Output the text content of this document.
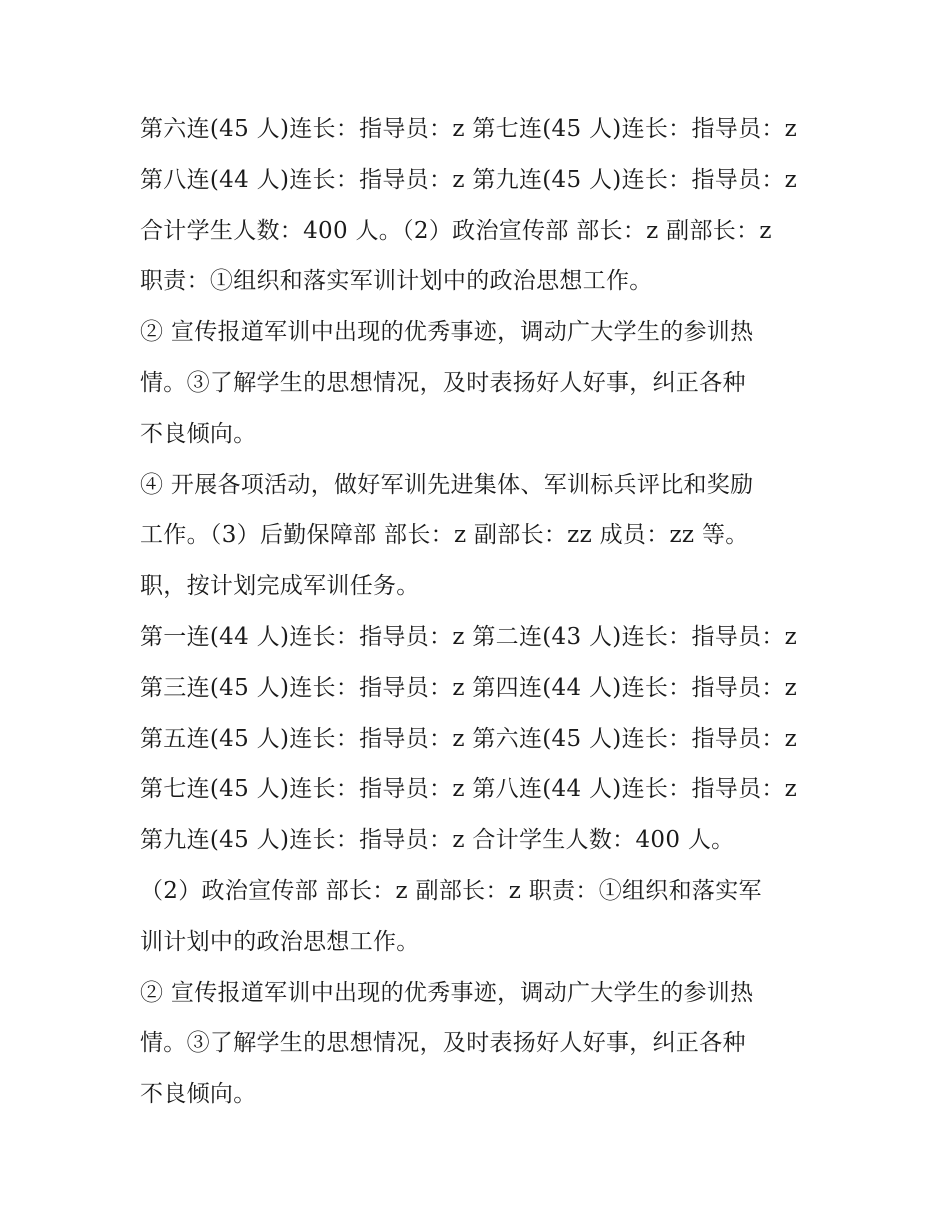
第六连(45 人)连长：指导员：z 第七连(45 人)连长：指导员：z
第八连(44 人)连长：指导员：z 第九连(45 人)连长：指导员：z
合计学生人数：400 人。（2）政治宣传部 部长：z 副部长：z
职责：①组织和落实军训计划中的政治思想工作。
② 宣传报道军训中出现的优秀事迹，调动广大学生的参训热
情。③了解学生的思想情况，及时表扬好人好事，纠正各种
不良倾向。
④ 开展各项活动，做好军训先进集体、军训标兵评比和奖励
工作。（3）后勤保障部 部长：z 副部长：zz 成员：zz 等。
职，按计划完成军训任务。
第一连(44 人)连长：指导员：z 第二连(43 人)连长：指导员：z
第三连(45 人)连长：指导员：z 第四连(44 人)连长：指导员：z
第五连(45 人)连长：指导员：z 第六连(45 人)连长：指导员：z
第七连(45 人)连长：指导员：z 第八连(44 人)连长：指导员：z
第九连(45 人)连长：指导员：z 合计学生人数：400 人。
（2）政治宣传部 部长：z 副部长：z 职责：①组织和落实军
训计划中的政治思想工作。
② 宣传报道军训中出现的优秀事迹，调动广大学生的参训热
情。③了解学生的思想情况，及时表扬好人好事，纠正各种
不良倾向。
